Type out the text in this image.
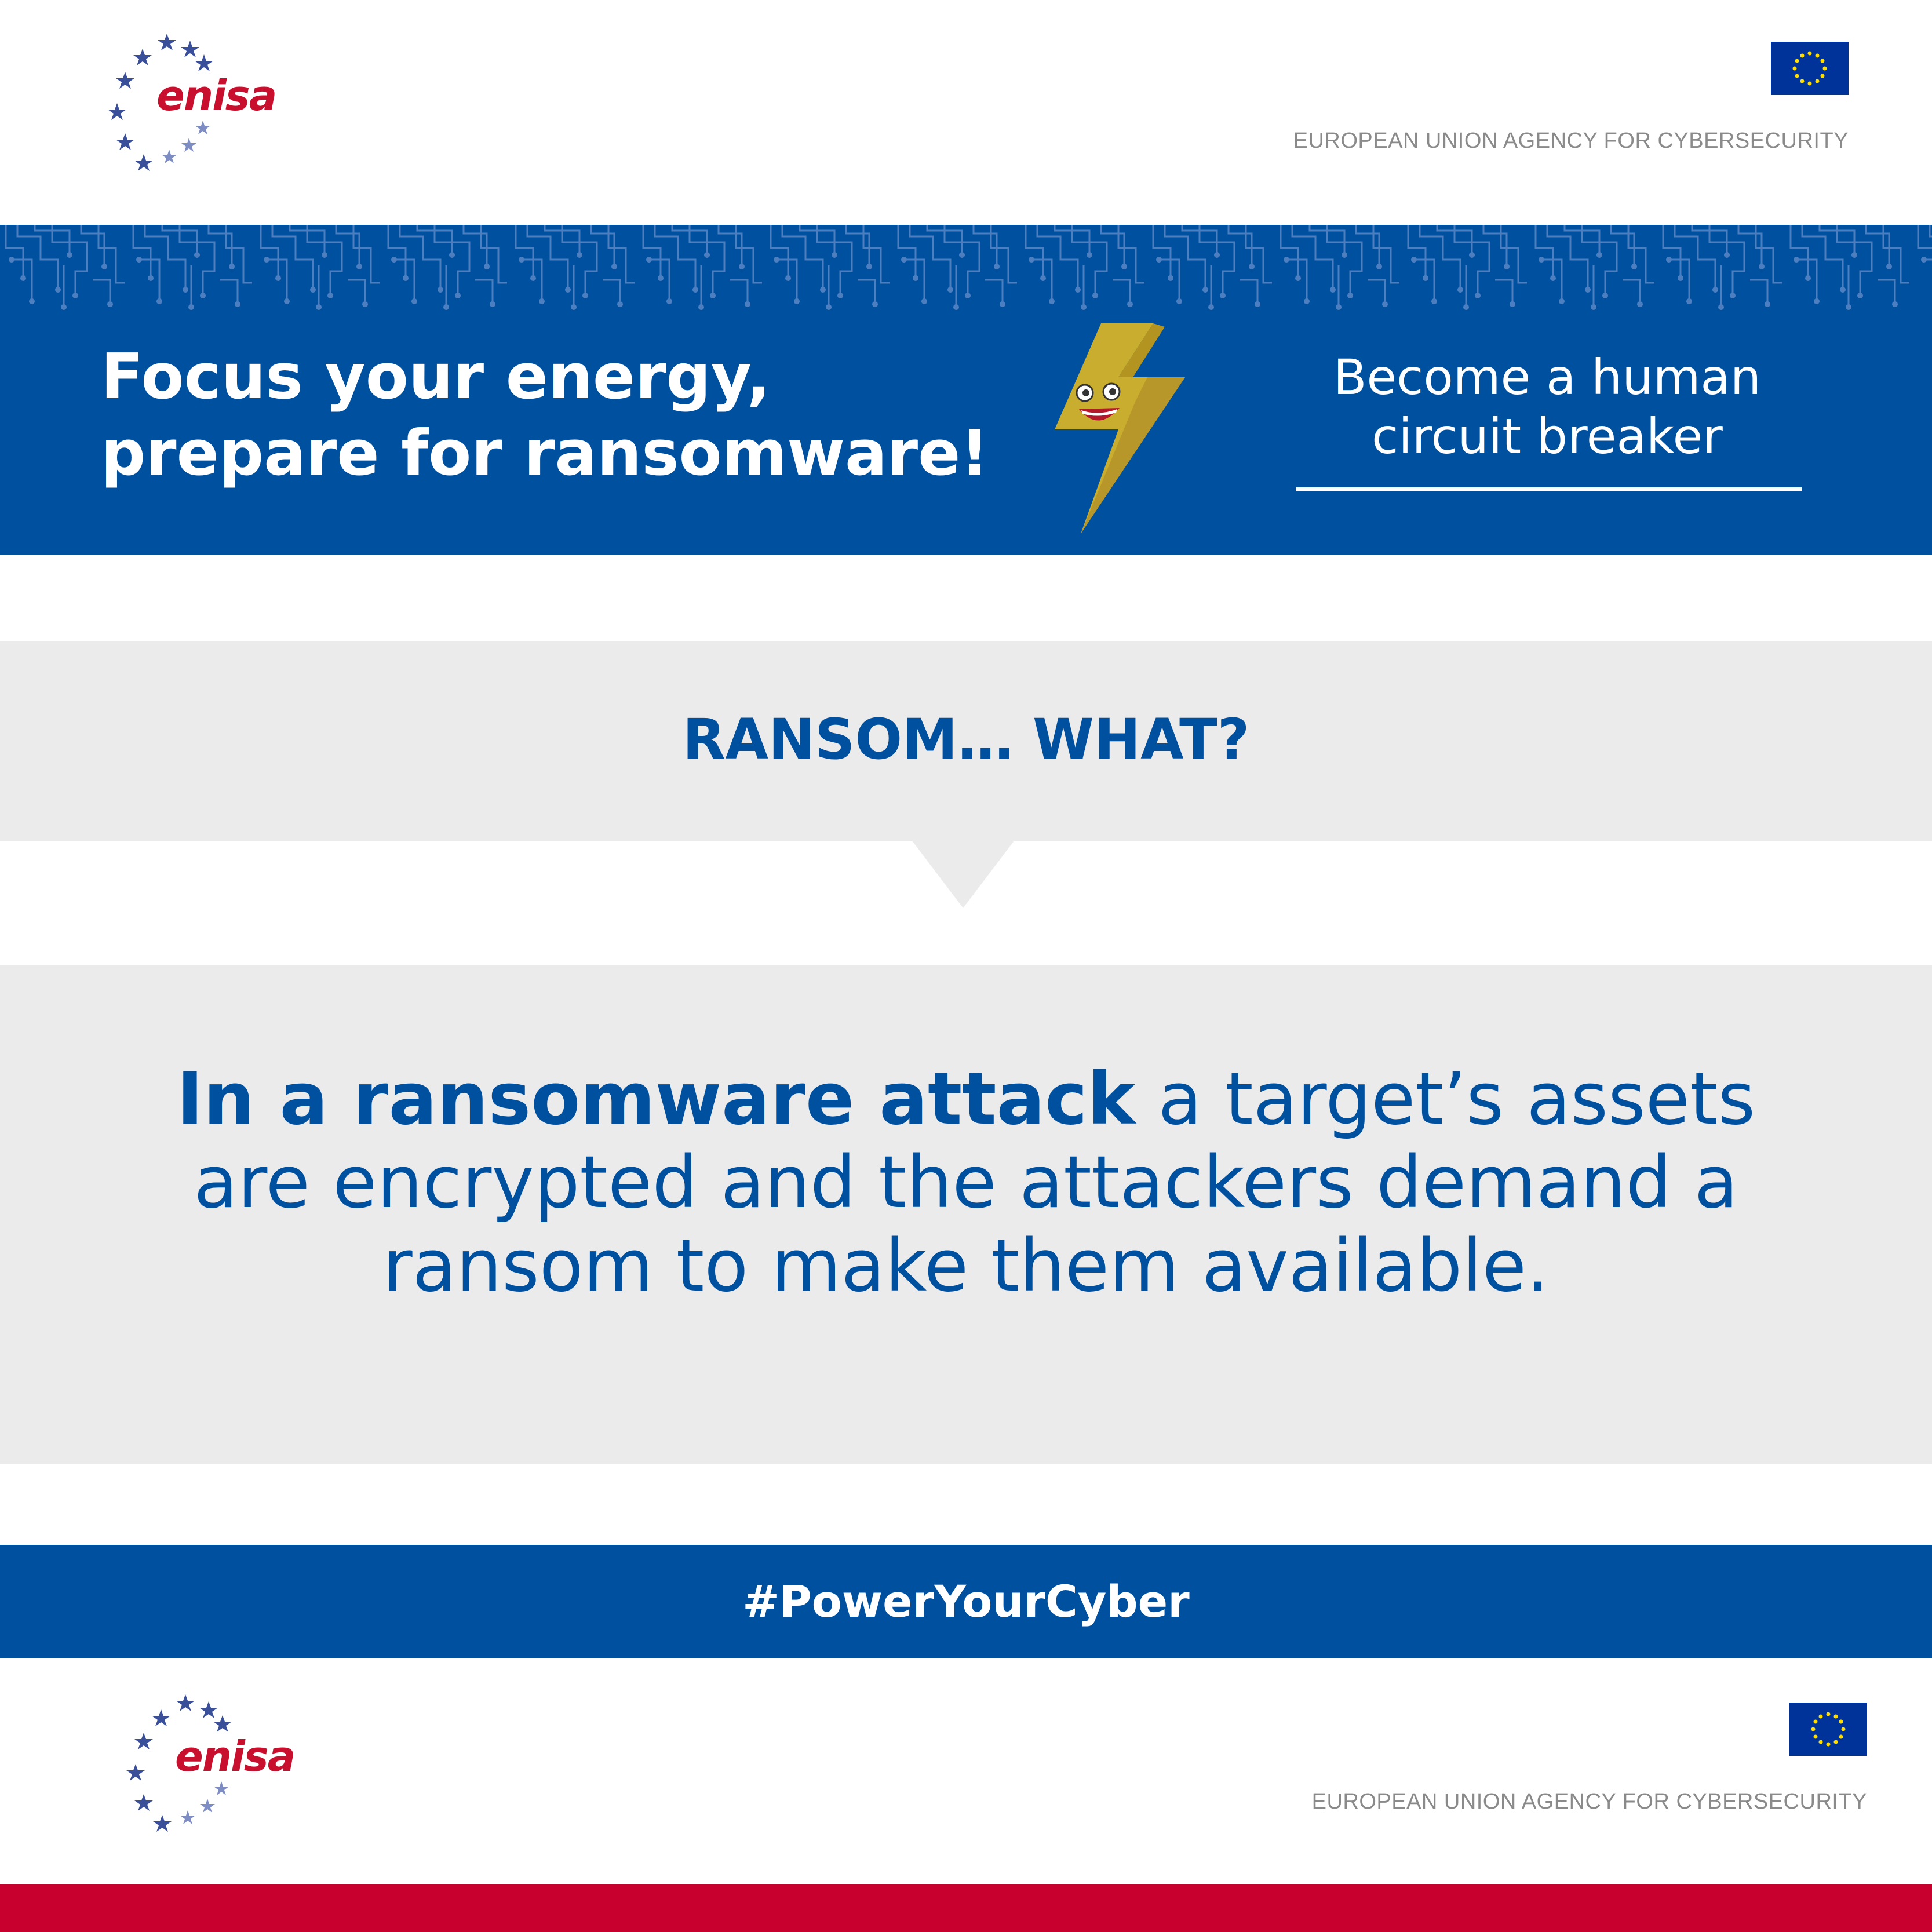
enisa
EUROPEAN UNION AGENCY FOR CYBERSECURITY
Focus your energy,
prepare for ransomware!
Become a human
circuit breaker
RANSOM… WHAT?
In a ransomware attack a target’s assets are encrypted and the attackers demand a ransom to make them available.
#PowerYourCyber
enisa
EUROPEAN UNION AGENCY FOR CYBERSECURITY
